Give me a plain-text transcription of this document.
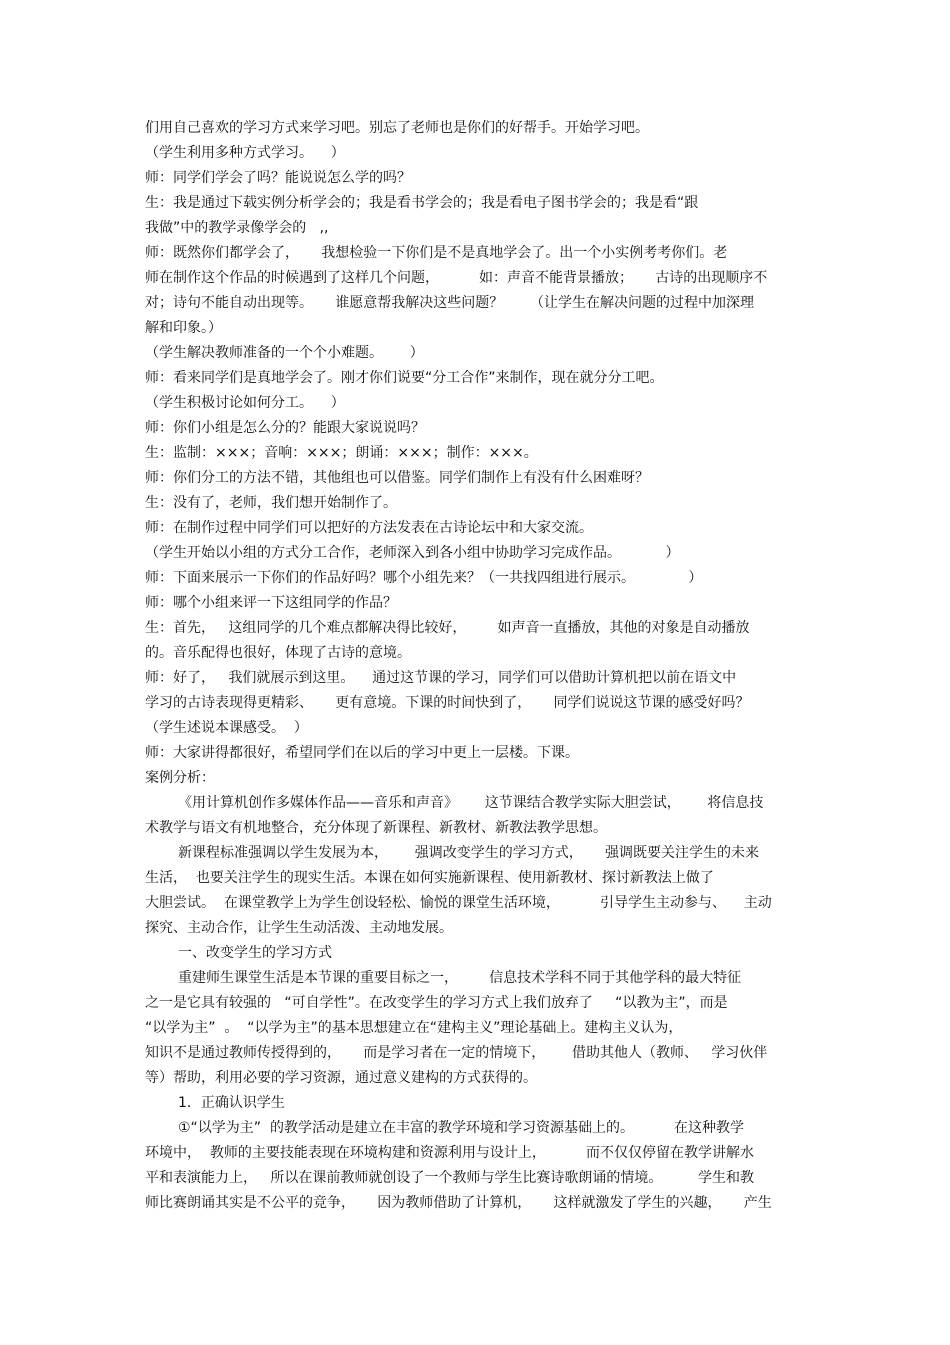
们用自己喜欢的学习方式来学习吧。别忘了老师也是你们的好帮手。开始学习吧。
（学生利用多种方式学习。    ）
师：同学们学会了吗？能说说怎么学的吗？
生：我是通过下载实例分析学会的；我是看书学会的；我是看电子图书学会的；我是看“跟
我做”中的教学录像学会的   ,,
师：既然你们都学会了，     我想检验一下你们是不是真地学会了。出一个小实例考考你们。老
师在制作这个作品的时候遇到了这样几个问题，         如：声音不能背景播放；     古诗的出现顺序不
对；诗句不能自动出现等。     谁愿意帮我解决这些问题？      （让学生在解决问题的过程中加深理
解和印象。）
（学生解决教师准备的一个个小难题。      ）
师：看来同学们是真地学会了。刚才你们说要“分工合作”来制作，现在就分分工吧。
（学生积极讨论如何分工。    ）
师：你们小组是怎么分的？能跟大家说说吗？
生：监制：×××；音响：×××；朗诵：×××；制作：×××。
师：你们分工的方法不错，其他组也可以借鉴。同学们制作上有没有什么困难呀？
生：没有了，老师，我们想开始制作了。
师：在制作过程中同学们可以把好的方法发表在古诗论坛中和大家交流。
（学生开始以小组的方式分工合作，老师深入到各小组中协助学习完成作品。          ）
师：下面来展示一下你们的作品好吗？哪个小组先来？（一共找四组进行展示。            ）
师：哪个小组来评一下这组同学的作品？
生：首先，   这组同学的几个难点都解决得比较好，       如声音一直播放，其他的对象是自动播放
的。音乐配得也很好，体现了古诗的意境。
师：好了，   我们就展示到这里。    通过这节课的学习，同学们可以借助计算机把以前在语文中
学习的古诗表现得更精彩、     更有意境。下课的时间快到了，     同学们说说这节课的感受好吗？
（学生述说本课感受。  ）
师：大家讲得都很好，希望同学们在以后的学习中更上一层楼。下课。
案例分析：
《用计算机创作多媒体作品——音乐和声音》      这节课结合教学实际大胆尝试，      将信息技
术教学与语文有机地整合，充分体现了新课程、新教材、新教法教学思想。
新课程标准强调以学生发展为本，      强调改变学生的学习方式，     强调既要关注学生的未来
生活，  也要关注学生的现实生活。本课在如何实施新课程、使用新教材、探讨新教法上做了
大胆尝试。  在课堂教学上为学生创设轻松、愉悦的课堂生活环境，         引导学生主动参与、    主动
探究、主动合作，让学生生动活泼、主动地发展。
一、改变学生的学习方式
重建师生课堂生活是本节课的重要目标之一，       信息技术学科不同于其他学科的最大特征
之一是它具有较强的   “可自学性”。在改变学生的学习方式上我们放弃了     “以教为主”，而是
“以学为主”  。  “以学为主”的基本思想建立在“建构主义”理论基础上。建构主义认为，
知识不是通过教师传授得到的，     而是学习者在一定的情境下，      借助其他人（教师、   学习伙伴
等）帮助，利用必要的学习资源，通过意义建构的方式获得的。
1．正确认识学生
①“以学为主”  的教学活动是建立在丰富的教学环境和学习资源基础上的。         在这种教学
环境中，  教师的主要技能表现在环境构建和资源利用与设计上，         而不仅仅停留在教学讲解水
平和表演能力上，   所以在课前教师就创设了一个教师与学生比赛诗歌朗诵的情境。        学生和教
师比赛朗诵其实是不公平的竞争，     因为教师借助了计算机，     这样就激发了学生的兴趣，     产生
